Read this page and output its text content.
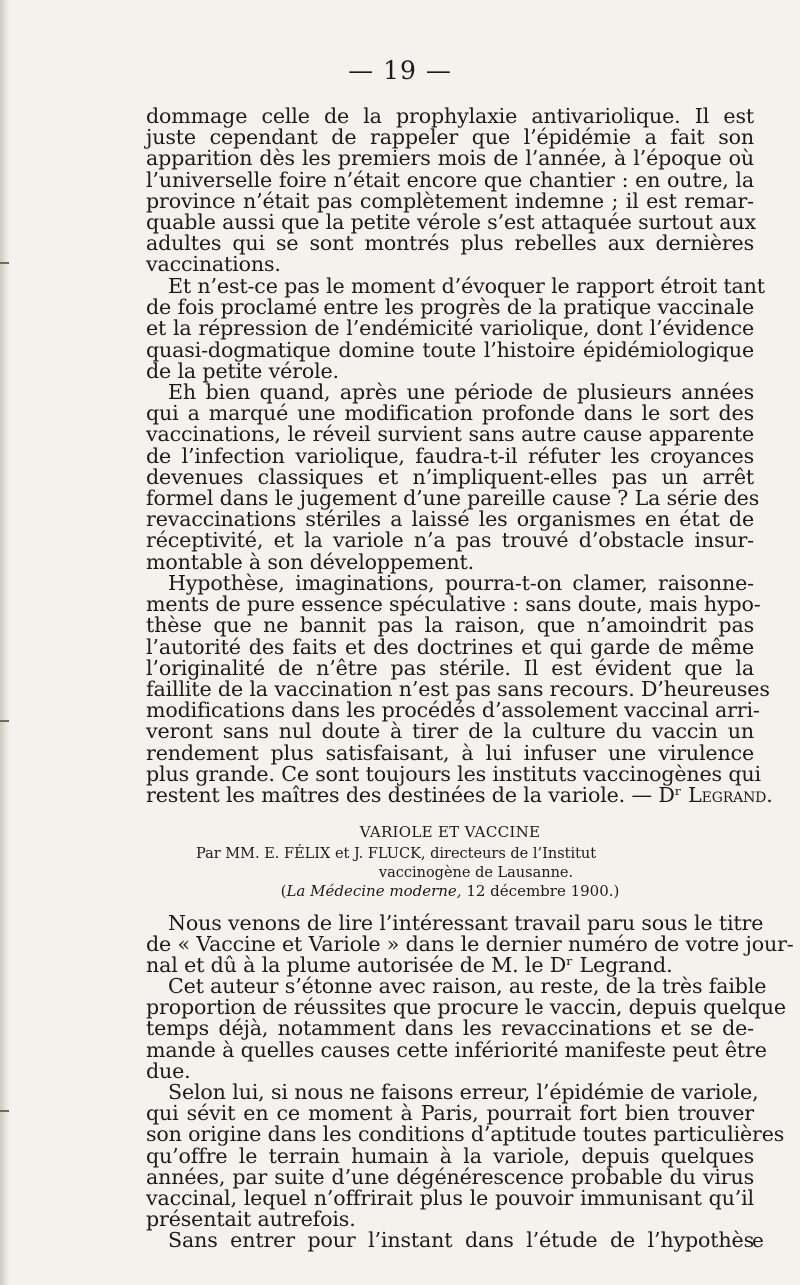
— 19 —
dommage celle de la prophylaxie antivariolique. Il est
juste cependant de rappeler que l’épidémie a fait son
apparition dès les premiers mois de l’année, à l’époque où
l’universelle foire n’était encore que chantier : en outre, la
province n’était pas complètement indemne ; il est remar-
quable aussi que la petite vérole s’est attaquée surtout aux
adultes qui se sont montrés plus rebelles aux dernières
vaccinations.
Et n’est-ce pas le moment d’évoquer le rapport étroit tant
de fois proclamé entre les progrès de la pratique vaccinale
et la répression de l’endémicité variolique, dont l’évidence
quasi-dogmatique domine toute l’histoire épidémiologique
de la petite vérole.
Eh bien quand, après une période de plusieurs années
qui a marqué une modification profonde dans le sort des
vaccinations, le réveil survient sans autre cause apparente
de l’infection variolique, faudra-t-il réfuter les croyances
devenues classiques et n’impliquent-elles pas un arrêt
formel dans le jugement d’une pareille cause ? La série des
revaccinations stériles a laissé les organismes en état de
réceptivité, et la variole n’a pas trouvé d’obstacle insur-
montable à son développement.
Hypothèse, imaginations, pourra-t-on clamer, raisonne-
ments de pure essence spéculative : sans doute, mais hypo-
thèse que ne bannit pas la raison, que n’amoindrit pas
l’autorité des faits et des doctrines et qui garde de même
l’originalité de n’être pas stérile. Il est évident que la
faillite de la vaccination n’est pas sans recours. D’heureuses
modifications dans les procédés d’assolement vaccinal arri-
veront sans nul doute à tirer de la culture du vaccin un
rendement plus satisfaisant, à lui infuser une virulence
plus grande. Ce sont toujours les instituts vaccinogènes qui
restent les maîtres des destinées de la variole. — Dʳ Legrand.
VARIOLE ET VACCINE
Par MM. E. FÉLIX et J. FLUCK, directeurs de l’Institut
vaccinogène de Lausanne.
(La Médecine moderne, 12 décembre 1900.)
Nous venons de lire l’intéressant travail paru sous le titre
de « Vaccine et Variole » dans le dernier numéro de votre jour-
nal et dû à la plume autorisée de M. le Dʳ Legrand.
Cet auteur s’étonne avec raison, au reste, de la très faible
proportion de réussites que procure le vaccin, depuis quelque
temps déjà, notamment dans les revaccinations et se de-
mande à quelles causes cette infériorité manifeste peut être
due.
Selon lui, si nous ne faisons erreur, l’épidémie de variole,
qui sévit en ce moment à Paris, pourrait fort bien trouver
son origine dans les conditions d’aptitude toutes particulières
qu’offre le terrain humain à la variole, depuis quelques
années, par suite d’une dégénérescence probable du virus
vaccinal, lequel n’offrirait plus le pouvoir immunisant qu’il
présentait autrefois.
Sans entrer pour l’instant dans l’étude de l’hypothès
e
